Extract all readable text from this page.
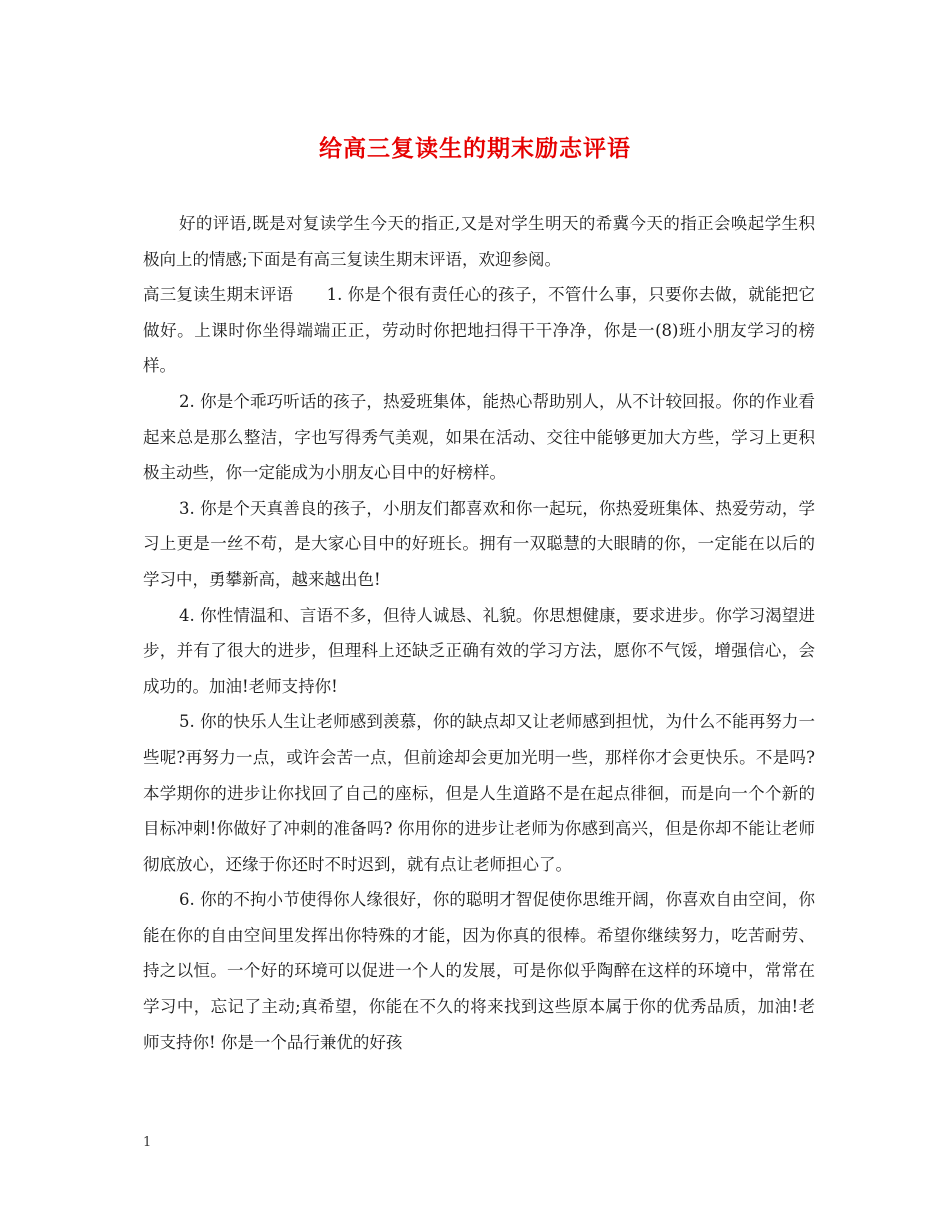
给高三复读生的期末励志评语

好的评语,既是对复读学生今天的指正,又是对学生明天的希冀今天的指正会唤起学生积极向上的情感;下面是有高三复读生期末评语，欢迎参阅。

高三复读生期末评语　　1. 你是个很有责任心的孩子，不管什么事，只要你去做，就能把它做好。上课时你坐得端端正正，劳动时你把地扫得干干净净，你是一(8)班小朋友学习的榜样。

2. 你是个乖巧听话的孩子，热爱班集体，能热心帮助别人，从不计较回报。你的作业看起来总是那么整洁，字也写得秀气美观，如果在活动、交往中能够更加大方些，学习上更积极主动些，你一定能成为小朋友心目中的好榜样。

3. 你是个天真善良的孩子，小朋友们都喜欢和你一起玩，你热爱班集体、热爱劳动，学习上更是一丝不苟，是大家心目中的好班长。拥有一双聪慧的大眼睛的你，一定能在以后的学习中，勇攀新高，越来越出色!

4. 你性情温和、言语不多，但待人诚恳、礼貌。你思想健康，要求进步。你学习渴望进步，并有了很大的进步，但理科上还缺乏正确有效的学习方法，愿你不气馁，增强信心，会成功的。加油!老师支持你!

5. 你的快乐人生让老师感到羡慕，你的缺点却又让老师感到担忧，为什么不能再努力一些呢?再努力一点，或许会苦一点，但前途却会更加光明一些，那样你才会更快乐。不是吗? 本学期你的进步让你找回了自己的座标，但是人生道路不是在起点徘徊，而是向一个个新的目标冲刺!你做好了冲刺的准备吗? 你用你的进步让老师为你感到高兴，但是你却不能让老师彻底放心，还缘于你还时不时迟到，就有点让老师担心了。

6. 你的不拘小节使得你人缘很好，你的聪明才智促使你思维开阔，你喜欢自由空间，你能在你的自由空间里发挥出你特殊的才能，因为你真的很棒。希望你继续努力，吃苦耐劳、持之以恒。一个好的环境可以促进一个人的发展，可是你似乎陶醉在这样的环境中，常常在学习中，忘记了主动;真希望，你能在不久的将来找到这些原本属于你的优秀品质，加油!老师支持你! 你是一个品行兼优的好孩

1
